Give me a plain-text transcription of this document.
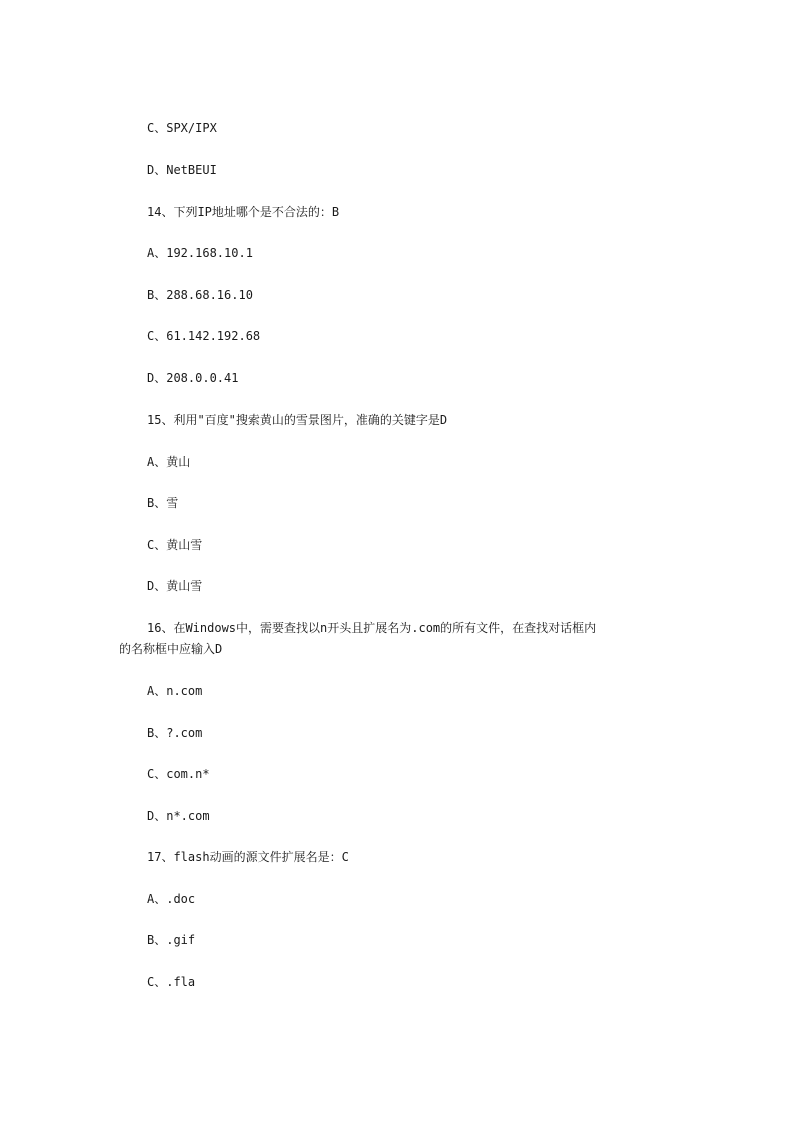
C、SPX/IPX
D、NetBEUI
14、下列IP地址哪个是不合法的：B
A、192.168.10.1
B、288.68.16.10
C、61.142.192.68
D、208.0.0.41
15、利用"百度"搜索黄山的雪景图片，准确的关键字是D
A、黄山
B、雪
C、黄山雪
D、黄山雪
16、在Windows中，需要查找以n开头且扩展名为.com的所有文件，在查找对话框内
的名称框中应输入D
A、n.com
B、?.com
C、com.n*
D、n*.com
17、flash动画的源文件扩展名是：C
A、.doc
B、.gif
C、.fla
